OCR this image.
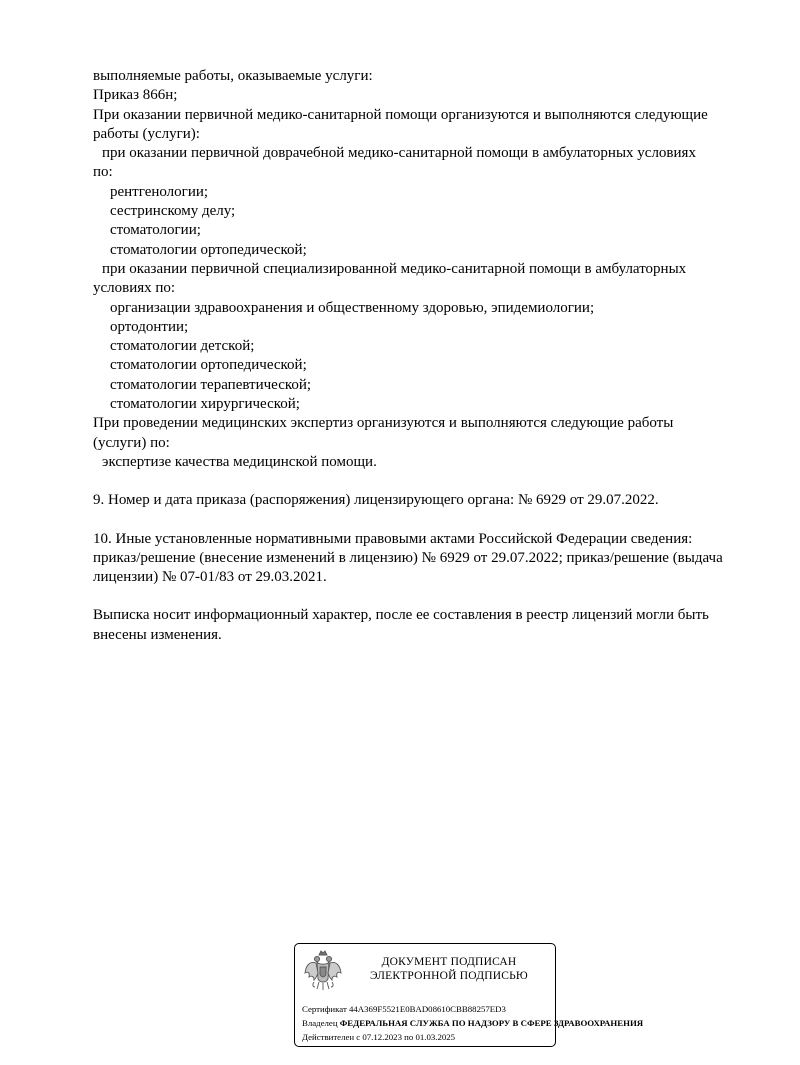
выполняемые работы, оказываемые услуги:
Приказ 866н;
При оказании первичной медико-санитарной помощи организуются и выполняются следующие
работы (услуги):
при оказании первичной доврачебной медико-санитарной помощи в амбулаторных условиях
по:
рентгенологии;
сестринскому делу;
стоматологии;
стоматологии ортопедической;
при оказании первичной специализированной медико-санитарной помощи в амбулаторных
условиях по:
организации здравоохранения и общественному здоровью, эпидемиологии;
ортодонтии;
стоматологии детской;
стоматологии ортопедической;
стоматологии терапевтической;
стоматологии хирургической;
При проведении медицинских экспертиз организуются и выполняются следующие работы
(услуги) по:
экспертизе качества медицинской помощи.
9. Номер и дата приказа (распоряжения) лицензирующего органа: № 6929 от 29.07.2022.
10. Иные установленные нормативными правовыми актами Российской Федерации сведения:
приказ/решение (внесение изменений в лицензию) № 6929 от 29.07.2022; приказ/решение (выдача
лицензии) № 07-01/83 от 29.03.2021.
Выписка носит информационный характер, после ее составления в реестр лицензий могли быть
внесены изменения.
ДОКУМЕНТ ПОДПИСАН
ЭЛЕКТРОННОЙ ПОДПИСЬЮ
Сертификат 44A369F5521E0BAD08610CBB88257ED3
Владелец ФЕДЕРАЛЬНАЯ СЛУЖБА ПО НАДЗОРУ В СФЕРЕ ЗДРАВООХРАНЕНИЯ
Действителен с 07.12.2023 по 01.03.2025
